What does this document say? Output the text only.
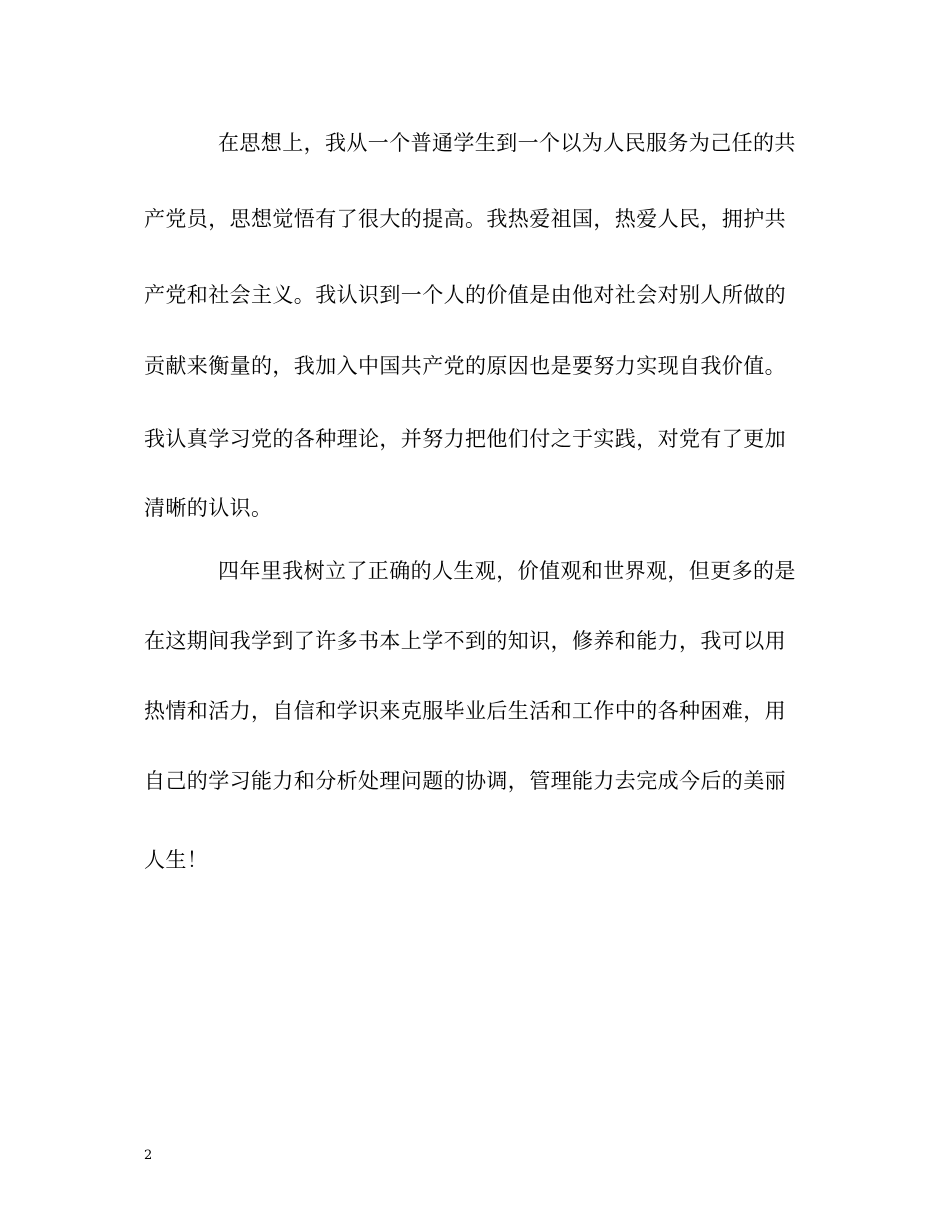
在思想上，我从一个普通学生到一个以为人民服务为己任的共
产党员，思想觉悟有了很大的提高。我热爱祖国，热爱人民，拥护共
产党和社会主义。我认识到一个人的价值是由他对社会对别人所做的
贡献来衡量的，我加入中国共产党的原因也是要努力实现自我价值。
我认真学习党的各种理论，并努力把他们付之于实践，对党有了更加
清晰的认识。
四年里我树立了正确的人生观，价值观和世界观，但更多的是
在这期间我学到了许多书本上学不到的知识，修养和能力，我可以用
热情和活力，自信和学识来克服毕业后生活和工作中的各种困难，用
自己的学习能力和分析处理问题的协调，管理能力去完成今后的美丽
人生！
2
